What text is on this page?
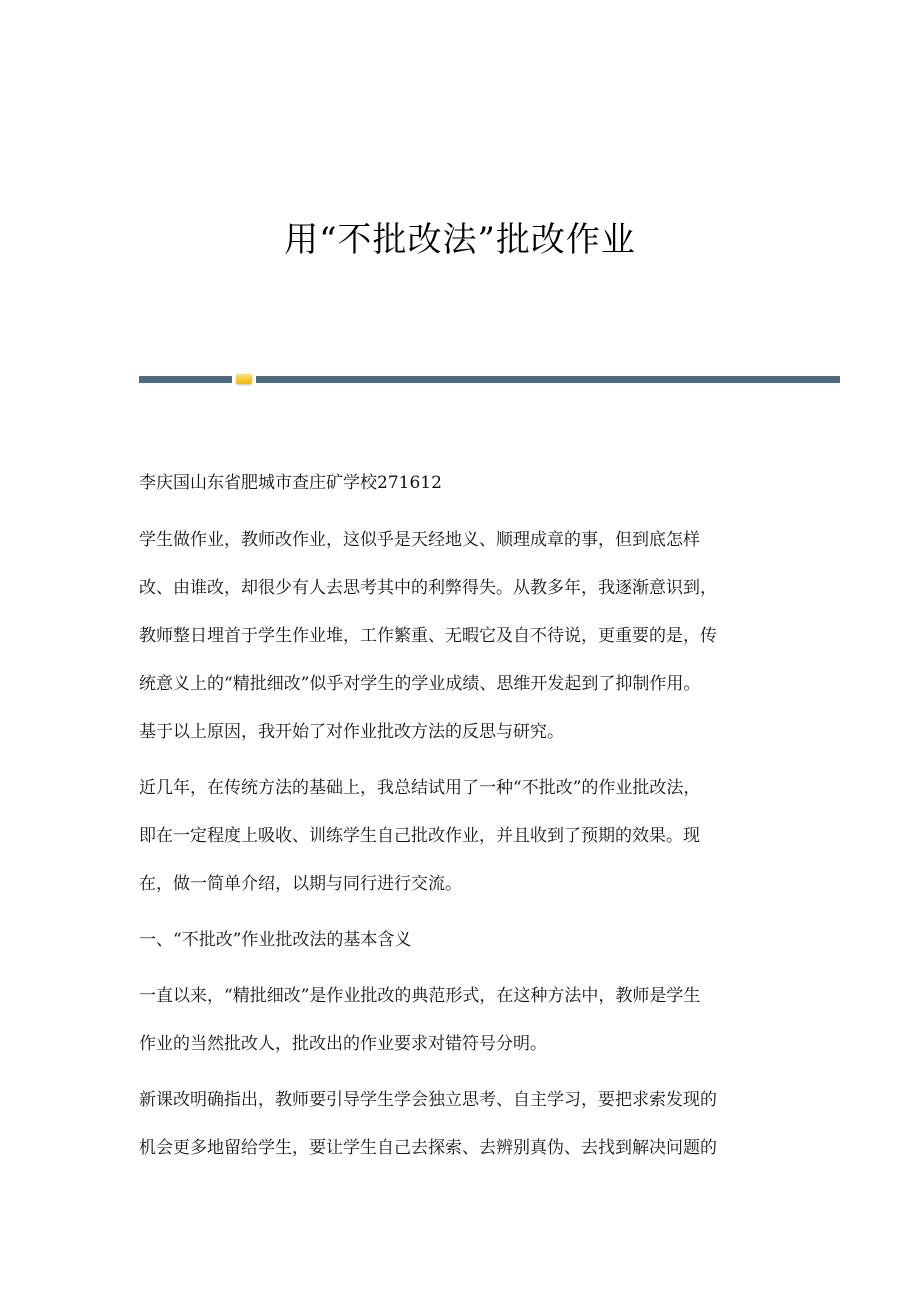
用“不批改法”批改作业
李庆国山东省肥城市查庄矿学校271612
学生做作业，教师改作业，这似乎是天经地义、顺理成章的事，但到底怎样
改、由谁改，却很少有人去思考其中的利弊得失。从教多年，我逐渐意识到，
教师整日埋首于学生作业堆，工作繁重、无暇它及自不待说，更重要的是，传
统意义上的“精批细改”似乎对学生的学业成绩、思维开发起到了抑制作用。
基于以上原因，我开始了对作业批改方法的反思与研究。
近几年，在传统方法的基础上，我总结试用了一种“不批改”的作业批改法，
即在一定程度上吸收、训练学生自己批改作业，并且收到了预期的效果。现
在，做一简单介绍，以期与同行进行交流。
一、“不批改”作业批改法的基本含义
一直以来，“精批细改”是作业批改的典范形式，在这种方法中，教师是学生
作业的当然批改人，批改出的作业要求对错符号分明。
新课改明确指出，教师要引导学生学会独立思考、自主学习，要把求索发现的
机会更多地留给学生，要让学生自己去探索、去辨别真伪、去找到解决问题的
